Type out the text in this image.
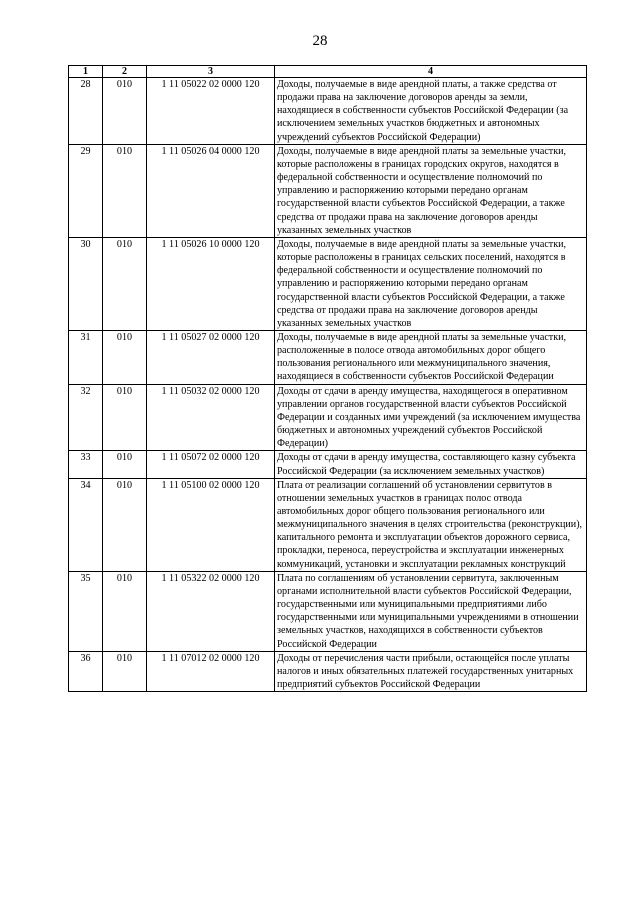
28
1	2	3	4
28	010	1 11 05022 02 0000 120	Доходы, получаемые в виде арендной платы, а также средства от продажи права на заключение договоров аренды за земли, находящиеся в собственности субъектов Российской Федерации (за исключением земельных участков бюджетных и автономных учреждений субъектов Российской Федерации)
29	010	1 11 05026 04 0000 120	Доходы, получаемые в виде арендной платы за земельные участки, которые расположены в границах городских округов, находятся в федеральной собственности и осуществление полномочий по управлению и распоряжению которыми передано органам государственной власти субъектов Российской Федерации, а также средства от продажи права на заключение договоров аренды указанных земельных участков
30	010	1 11 05026 10 0000 120	Доходы, получаемые в виде арендной платы за земельные участки, которые расположены в границах сельских поселений, находятся в федеральной собственности и осуществление полномочий по управлению и распоряжению которыми передано органам государственной власти субъектов Российской Федерации, а также средства от продажи права на заключение договоров аренды указанных земельных участков
31	010	1 11 05027 02 0000 120	Доходы, получаемые в виде арендной платы за земельные участки, расположенные в полосе отвода автомобильных дорог общего пользования регионального или межмуниципального значения, находящиеся в собственности субъектов Российской Федерации
32	010	1 11 05032 02 0000 120	Доходы от сдачи в аренду имущества, находящегося в оперативном управлении органов государственной власти субъектов Российской Федерации и созданных ими учреждений (за исключением имущества бюджетных и автономных учреждений субъектов Российской Федерации)
33	010	1 11 05072 02 0000 120	Доходы от сдачи в аренду имущества, составляющего казну субъекта Российской Федерации (за исключением земельных участков)
34	010	1 11 05100 02 0000 120	Плата от реализации соглашений об установлении сервитутов в отношении земельных участков в границах полос отвода автомобильных дорог общего пользования регионального или межмуниципального значения в целях строительства (реконструкции), капитального ремонта и эксплуатации объектов дорожного сервиса, прокладки, переноса, переустройства и эксплуатации инженерных коммуникаций, установки и эксплуатации рекламных конструкций
35	010	1 11 05322 02 0000 120	Плата по соглашениям об установлении сервитута, заключенным органами исполнительной власти субъектов Российской Федерации, государственными или муниципальными предприятиями либо государственными или муниципальными учреждениями в отношении земельных участков, находящихся в собственности субъектов Российской Федерации
36	010	1 11 07012 02 0000 120	Доходы от перечисления части прибыли, остающейся после уплаты налогов и иных обязательных платежей государственных унитарных предприятий субъектов Российской Федерации
